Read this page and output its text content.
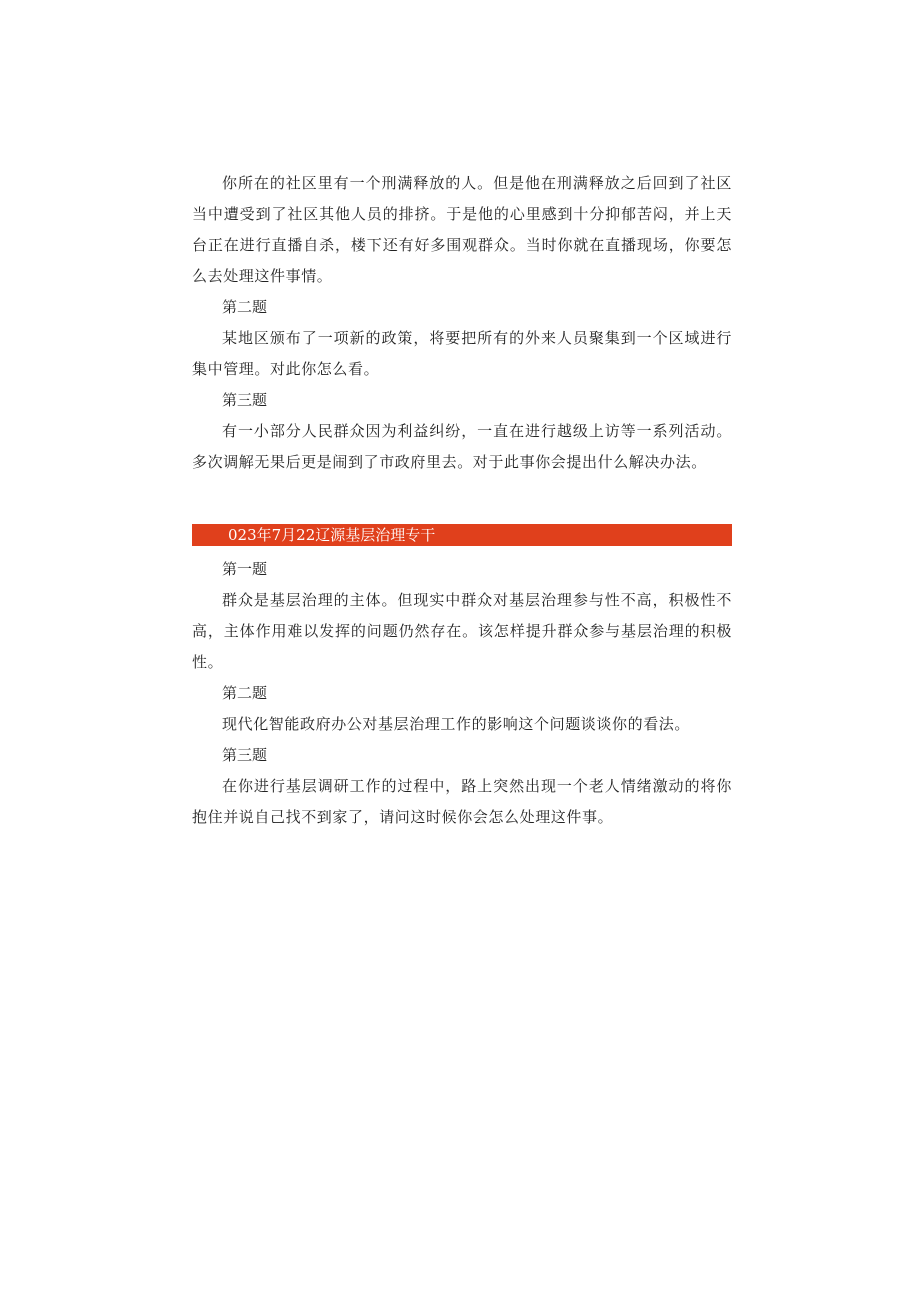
你所在的社区里有一个刑满释放的人。但是他在刑满释放之后回到了社区当中遭受到了社区其他人员的排挤。于是他的心里感到十分抑郁苦闷，并上天台正在进行直播自杀，楼下还有好多围观群众。当时你就在直播现场，你要怎么去处理这件事情。

第二题

某地区颁布了一项新的政策，将要把所有的外来人员聚集到一个区域进行集中管理。对此你怎么看。

第三题

有一小部分人民群众因为利益纠纷，一直在进行越级上访等一系列活动。多次调解无果后更是闹到了市政府里去。对于此事你会提出什么解决办法。

023年7月22辽源基层治理专干

第一题

群众是基层治理的主体。但现实中群众对基层治理参与性不高，积极性不高，主体作用难以发挥的问题仍然存在。该怎样提升群众参与基层治理的积极性。

第二题

现代化智能政府办公对基层治理工作的影响这个问题谈谈你的看法。

第三题

在你进行基层调研工作的过程中，路上突然出现一个老人情绪激动的将你抱住并说自己找不到家了，请问这时候你会怎么处理这件事。
